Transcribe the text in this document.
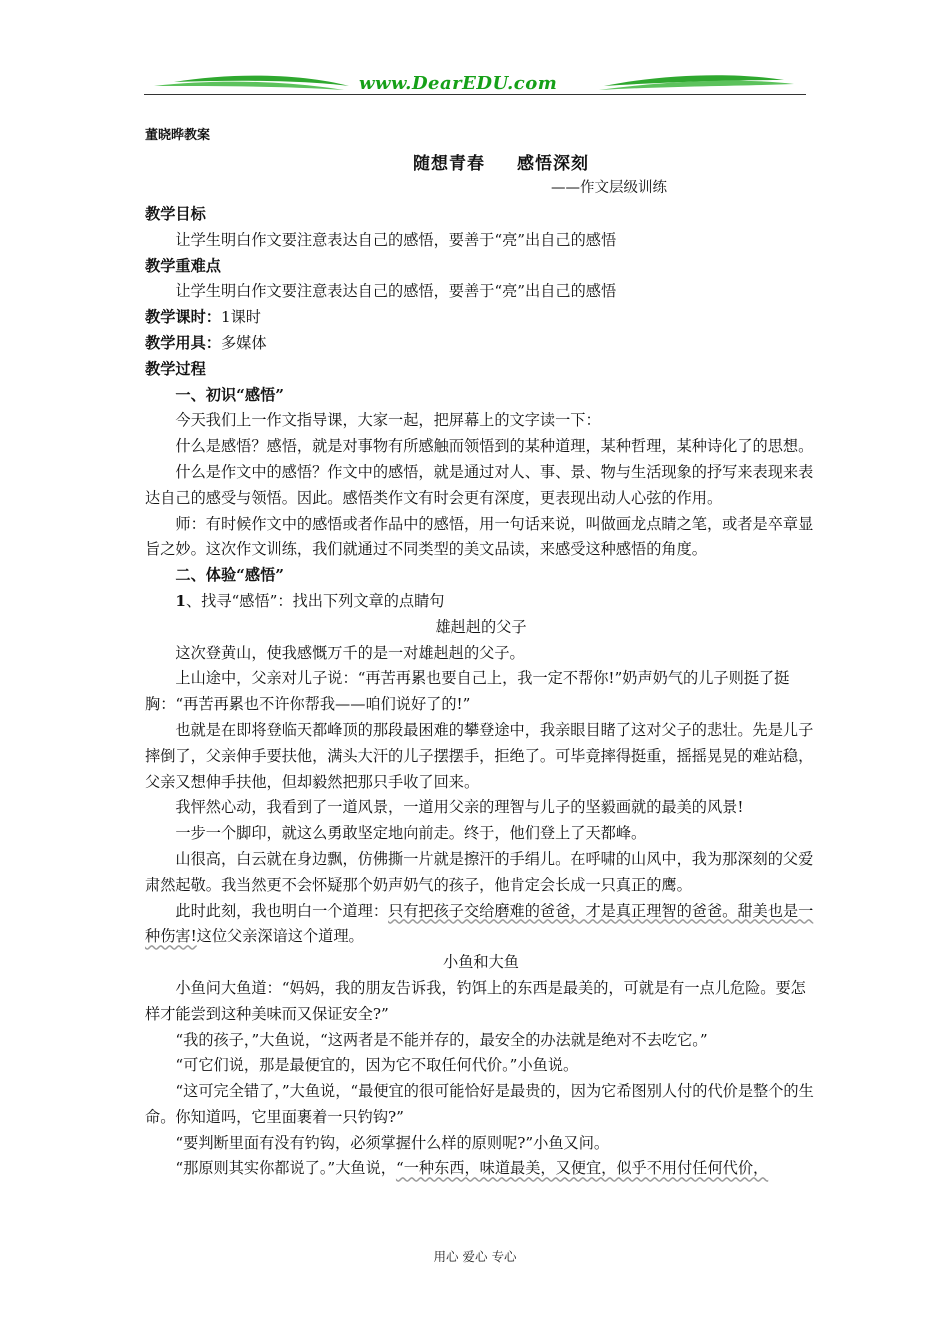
www.DearEDU.com

董晓晔教案

随想青春 感悟深刻

——作文层级训练

教学目标

让学生明白作文要注意表达自己的感悟，要善于“亮”出自己的感悟

教学重难点

让学生明白作文要注意表达自己的感悟，要善于“亮”出自己的感悟

教学课时：1课时

教学用具：多媒体

教学过程

一、初识“感悟”

今天我们上一作文指导课，大家一起，把屏幕上的文字读一下：

什么是感悟？感悟，就是对事物有所感触而领悟到的某种道理，某种哲理，某种诗化了的思想。

什么是作文中的感悟？作文中的感悟，就是通过对人、事、景、物与生活现象的抒写来表现来表达自己的感受与领悟。因此。感悟类作文有时会更有深度，更表现出动人心弦的作用。

师：有时候作文中的感悟或者作品中的感悟，用一句话来说，叫做画龙点睛之笔，或者是卒章显旨之妙。这次作文训练，我们就通过不同类型的美文品读，来感受这种感悟的角度。

二、体验“感悟”

1、找寻“感悟”：找出下列文章的点睛句

雄赳赳的父子

这次登黄山，使我感慨万千的是一对雄赳赳的父子。

上山途中，父亲对儿子说：“再苦再累也要自己上，我一定不帮你!”奶声奶气的儿子则挺了挺胸：“再苦再累也不许你帮我——咱们说好了的!”

也就是在即将登临天都峰顶的那段最困难的攀登途中，我亲眼目睹了这对父子的悲壮。先是儿子摔倒了，父亲伸手要扶他，满头大汗的儿子摆摆手，拒绝了。可毕竟摔得挺重，摇摇晃晃的难站稳，父亲又想伸手扶他，但却毅然把那只手收了回来。

我怦然心动，我看到了一道风景，一道用父亲的理智与儿子的坚毅画就的最美的风景!

一步一个脚印，就这么勇敢坚定地向前走。终于，他们登上了天都峰。

山很高，白云就在身边飘，仿佛撕一片就是擦汗的手绢儿。在呼啸的山风中，我为那深刻的父爱肃然起敬。我当然更不会怀疑那个奶声奶气的孩子，他肯定会长成一只真正的鹰。

此时此刻，我也明白一个道理：只有把孩子交给磨难的爸爸，才是真正理智的爸爸。甜美也是一种伤害!这位父亲深谙这个道理。

小鱼和大鱼

小鱼问大鱼道：“妈妈，我的朋友告诉我，钓饵上的东西是最美的，可就是有一点儿危险。要怎样才能尝到这种美味而又保证安全?”

“我的孩子，”大鱼说，“这两者是不能并存的，最安全的办法就是绝对不去吃它。”

“可它们说，那是最便宜的，因为它不取任何代价。”小鱼说。

“这可完全错了，”大鱼说，“最便宜的很可能恰好是最贵的，因为它希图别人付的代价是整个的生命。你知道吗，它里面裹着一只钓钩?”

“要判断里面有没有钓钩，必须掌握什么样的原则呢?”小鱼又问。

“那原则其实你都说了。”大鱼说，“一种东西，味道最美，又便宜，似乎不用付任何代价，

用心 爱心 专心
